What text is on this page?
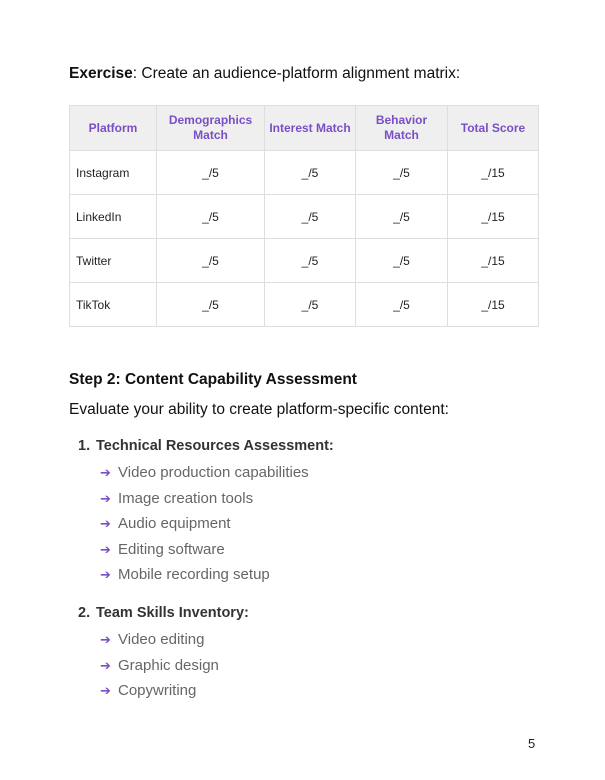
Exercise: Create an audience-platform alignment matrix:
Platform	Demographics Match	Interest Match	Behavior Match	Total Score
Instagram	_/5	_/5	_/5	_/15
LinkedIn	_/5	_/5	_/5	_/15
Twitter	_/5	_/5	_/5	_/15
TikTok	_/5	_/5	_/5	_/15
Step 2: Content Capability Assessment
Evaluate your ability to create platform-specific content:
1. Technical Resources Assessment:
➔ Video production capabilities
➔ Image creation tools
➔ Audio equipment
➔ Editing software
➔ Mobile recording setup
2. Team Skills Inventory:
➔ Video editing
➔ Graphic design
➔ Copywriting
5
